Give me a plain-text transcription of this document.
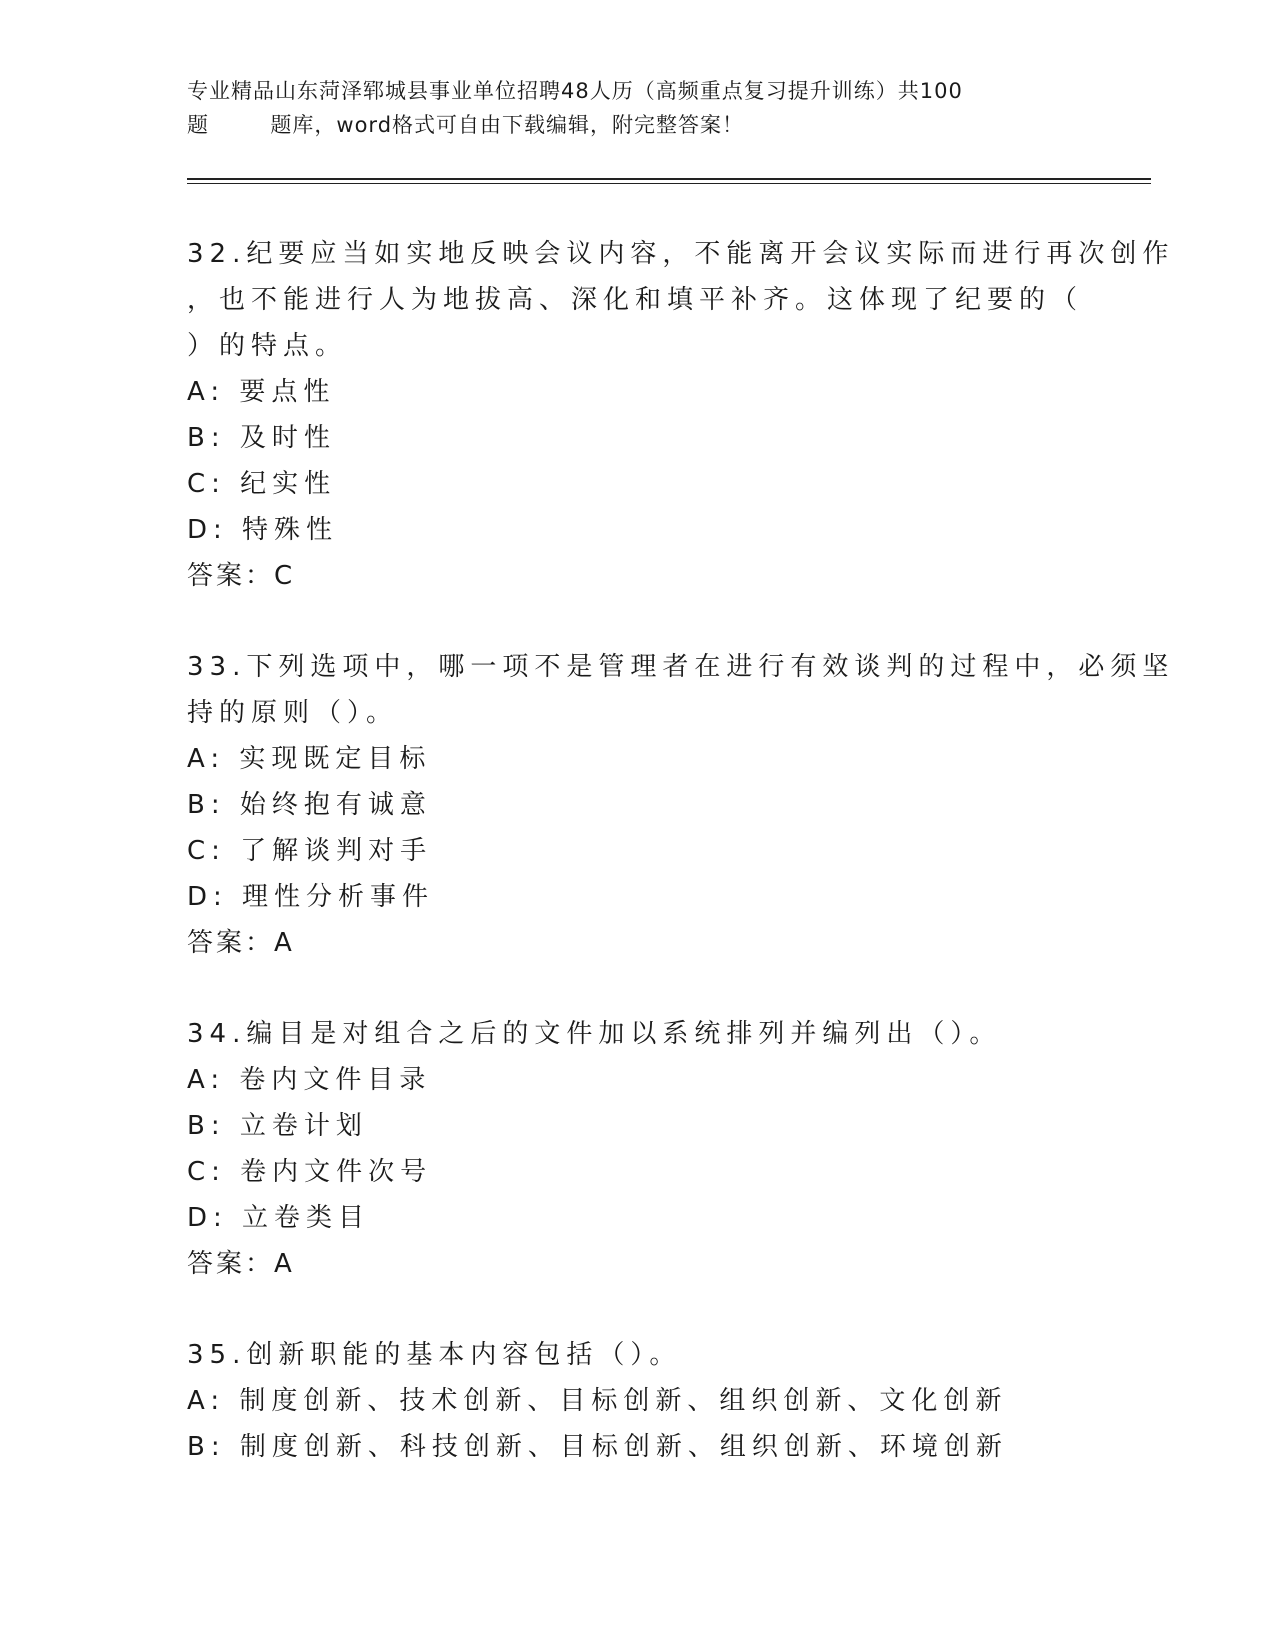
专业精品山东菏泽郓城县事业单位招聘48人历（高频重点复习提升训练）共100
题        题库，word格式可自由下载编辑，附完整答案！
32.纪要应当如实地反映会议内容，不能离开会议实际而进行再次创作
，也不能进行人为地拔高、深化和填平补齐。这体现了纪要的（
）的特点。
A: 要点性
B: 及时性
C: 纪实性
D: 特殊性
答案：C
33.下列选项中，哪一项不是管理者在进行有效谈判的过程中，必须坚
持的原则（）。
A: 实现既定目标
B: 始终抱有诚意
C: 了解谈判对手
D: 理性分析事件
答案：A
34.编目是对组合之后的文件加以系统排列并编列出（）。
A: 卷内文件目录
B: 立卷计划
C: 卷内文件次号
D: 立卷类目
答案：A
35.创新职能的基本内容包括（）。
A: 制度创新、技术创新、目标创新、组织创新、文化创新
B: 制度创新、科技创新、目标创新、组织创新、环境创新
